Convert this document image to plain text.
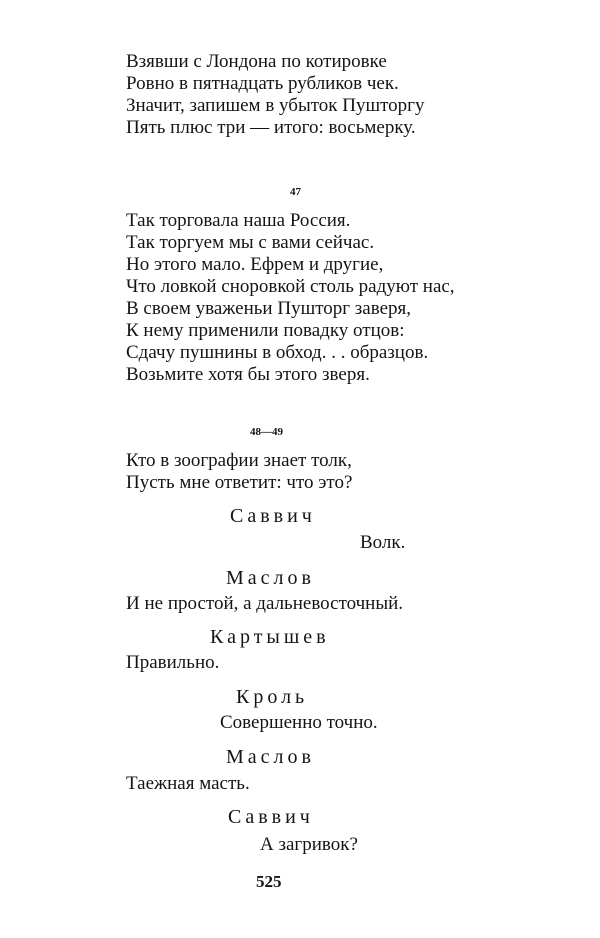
Взявши с Лондона по котировке
Ровно в пятнадцать рубликов чек.
Значит, запишем в убыток Пушторгу
Пять плюс три — итого: восьмерку.
47
Так торговала наша Россия.
Так торгуем мы с вами сейчас.
Но этого мало. Ефрем и другие,
Что ловкой сноровкой столь радуют нас,
В своем уваженьи Пушторг заверя,
К нему применили повадку отцов:
Сдачу пушнины в обход. . . образцов.
Возьмите хотя бы этого зверя.
48—49
Кто в зоографии знает толк,
Пусть мне ответит: что это?
Саввич
Волк.
Маслов
И не простой, а дальневосточный.
Картышев
Правильно.
Кроль
Совершенно точно.
Маслов
Таежная масть.
Саввич
А загривок?
525
